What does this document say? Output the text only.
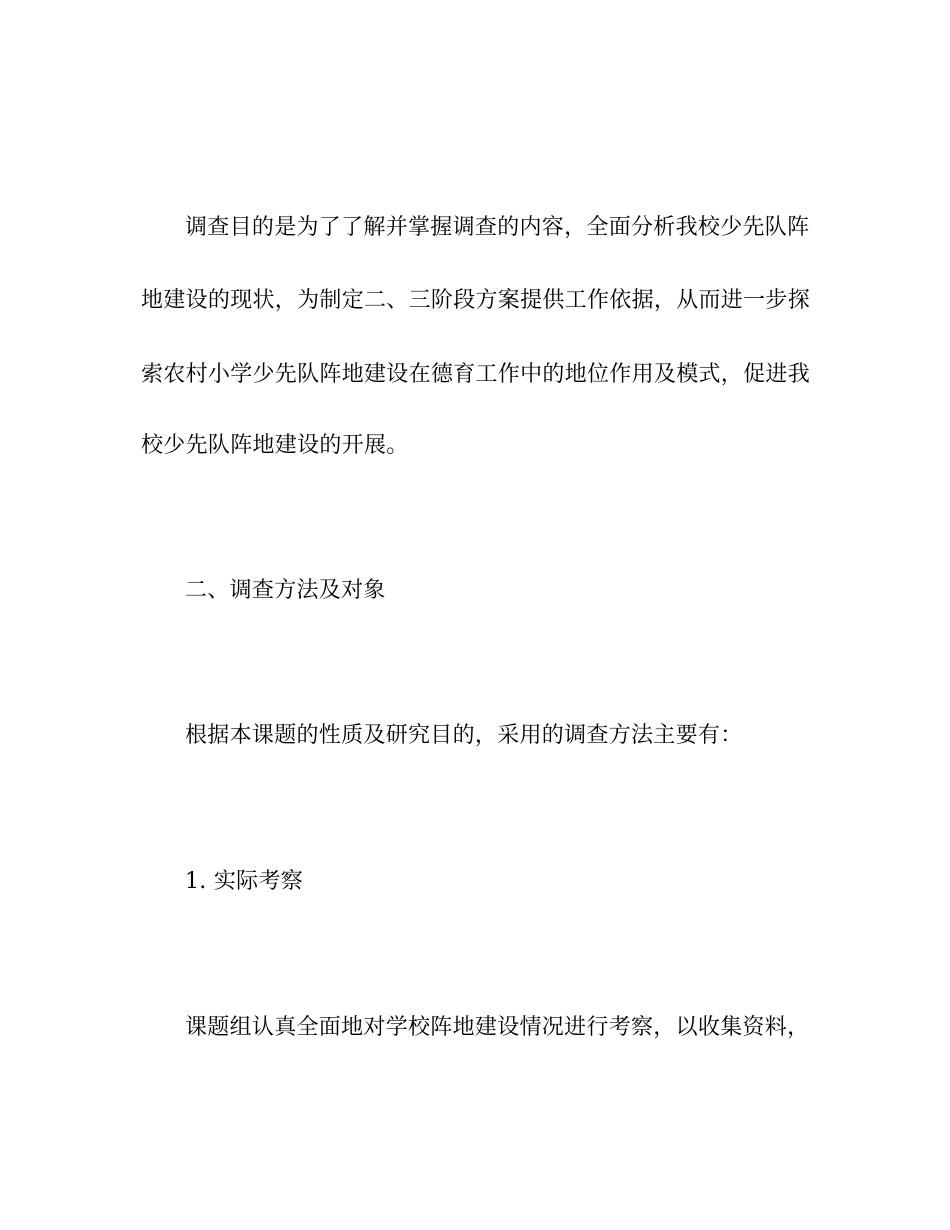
调查目的是为了了解并掌握调查的内容，全面分析我校少先队阵
地建设的现状，为制定二、三阶段方案提供工作依据，从而进一步探
索农村小学少先队阵地建设在德育工作中的地位作用及模式，促进我
校少先队阵地建设的开展。
二、调查方法及对象
根据本课题的性质及研究目的，采用的调查方法主要有：
1. 实际考察
课题组认真全面地对学校阵地建设情况进行考察，以收集资料，
